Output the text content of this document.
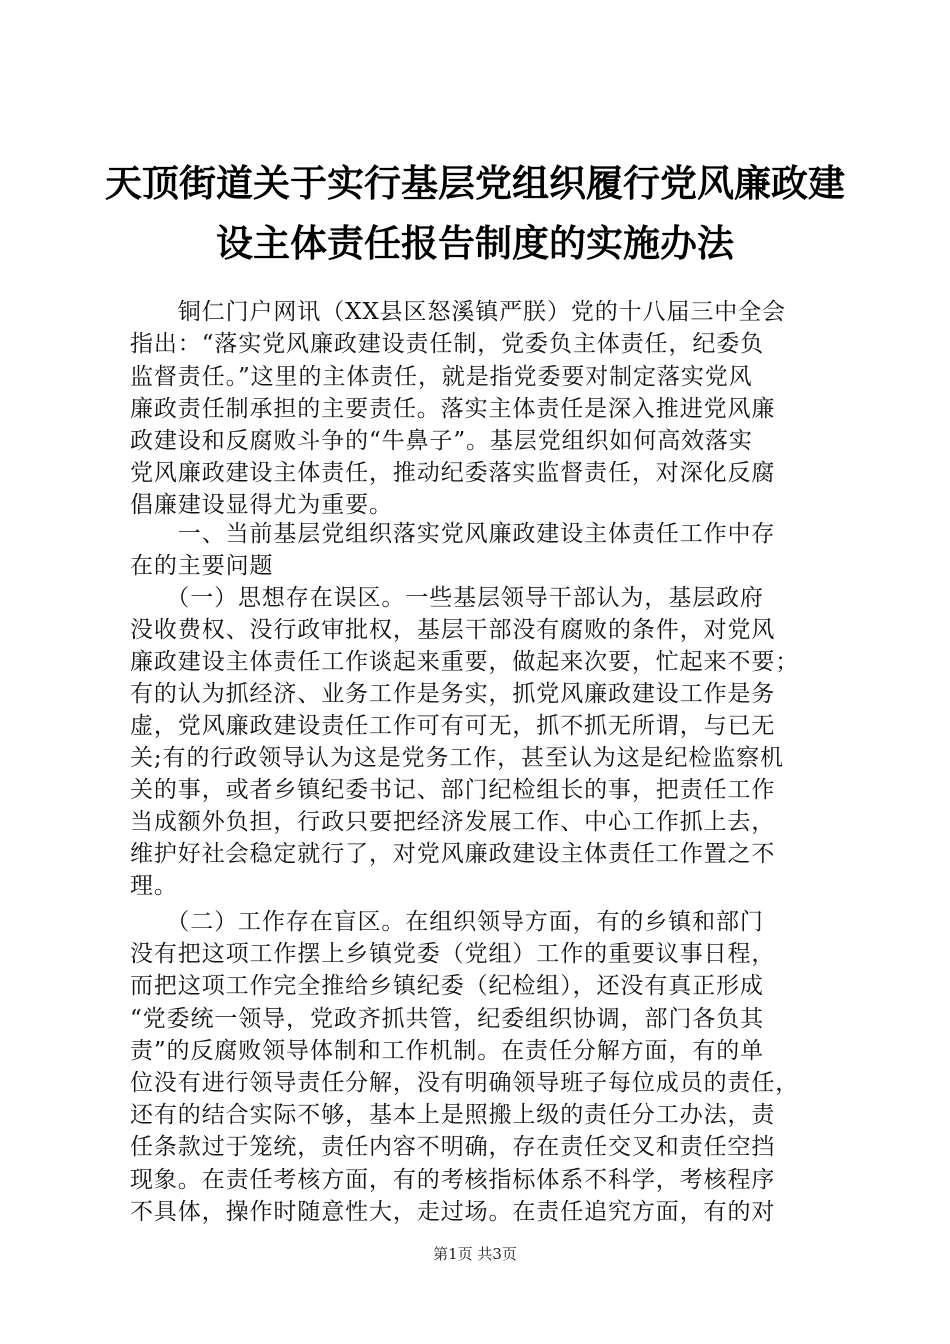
天顶街道关于实行基层党组织履行党风廉政建
设主体责任报告制度的实施办法
　　铜仁门户网讯（XX县区怒溪镇严朕）党的十八届三中全会
指出：“落实党风廉政建设责任制，党委负主体责任，纪委负
监督责任。”这里的主体责任，就是指党委要对制定落实党风
廉政责任制承担的主要责任。落实主体责任是深入推进党风廉
政建设和反腐败斗争的“牛鼻子”。基层党组织如何高效落实
党风廉政建设主体责任，推动纪委落实监督责任，对深化反腐
倡廉建设显得尤为重要。
　　一、当前基层党组织落实党风廉政建设主体责任工作中存
在的主要问题
　　（一）思想存在误区。一些基层领导干部认为，基层政府
没收费权、没行政审批权，基层干部没有腐败的条件，对党风
廉政建设主体责任工作谈起来重要，做起来次要，忙起来不要；
有的认为抓经济、业务工作是务实，抓党风廉政建设工作是务
虚，党风廉政建设责任工作可有可无，抓不抓无所谓，与已无
关;有的行政领导认为这是党务工作，甚至认为这是纪检监察机
关的事，或者乡镇纪委书记、部门纪检组长的事，把责任工作
当成额外负担，行政只要把经济发展工作、中心工作抓上去，
维护好社会稳定就行了，对党风廉政建设主体责任工作置之不
理。
　　（二）工作存在盲区。在组织领导方面，有的乡镇和部门
没有把这项工作摆上乡镇党委（党组）工作的重要议事日程，
而把这项工作完全推给乡镇纪委（纪检组），还没有真正形成
“党委统一领导，党政齐抓共管，纪委组织协调，部门各负其
责”的反腐败领导体制和工作机制。在责任分解方面，有的单
位没有进行领导责任分解，没有明确领导班子每位成员的责任，
还有的结合实际不够，基本上是照搬上级的责任分工办法，责
任条款过于笼统，责任内容不明确，存在责任交叉和责任空挡
现象。在责任考核方面，有的考核指标体系不科学，考核程序
不具体，操作时随意性大，走过场。在责任追究方面，有的对
第1页 共3页
